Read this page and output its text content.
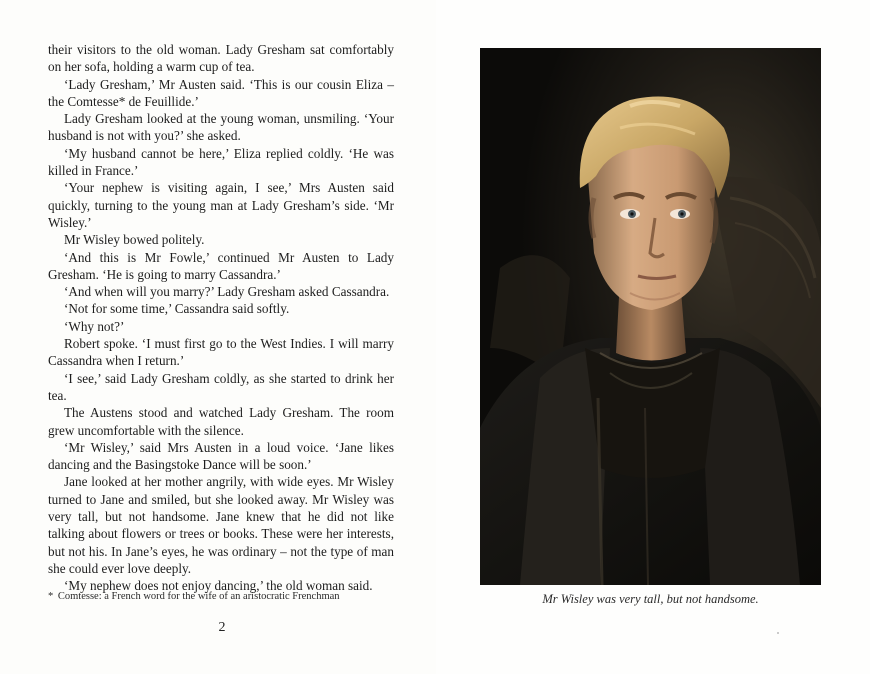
their visitors to the old woman. Lady Gresham sat comfortably on her sofa, holding a warm cup of tea.

‘Lady Gresham,’ Mr Austen said. ‘This is our cousin Eliza – the Comtesse* de Feuillide.’

Lady Gresham looked at the young woman, unsmiling. ‘Your husband is not with you?’ she asked.

‘My husband cannot be here,’ Eliza replied coldly. ‘He was killed in France.’

‘Your nephew is visiting again, I see,’ Mrs Austen said quickly, turning to the young man at Lady Gresham’s side. ‘Mr Wisley.’

Mr Wisley bowed politely.

‘And this is Mr Fowle,’ continued Mr Austen to Lady Gresham. ‘He is going to marry Cassandra.’

‘And when will you marry?’ Lady Gresham asked Cassandra.

‘Not for some time,’ Cassandra said softly.

‘Why not?’

Robert spoke. ‘I must first go to the West Indies. I will marry Cassandra when I return.’

‘I see,’ said Lady Gresham coldly, as she started to drink her tea.

The Austens stood and watched Lady Gresham. The room grew uncomfortable with the silence.

‘Mr Wisley,’ said Mrs Austen in a loud voice. ‘Jane likes dancing and the Basingstoke Dance will be soon.’

Jane looked at her mother angrily, with wide eyes. Mr Wisley turned to Jane and smiled, but she looked away. Mr Wisley was very tall, but not handsome. Jane knew that he did not like talking about flowers or trees or books. These were her interests, but not his. In Jane’s eyes, he was ordinary – not the type of man she could ever love deeply.

‘My nephew does not enjoy dancing,’ the old woman said.

* Comtesse: a French word for the wife of an aristocratic Frenchman
2
Mr Wisley was very tall, but not handsome.
